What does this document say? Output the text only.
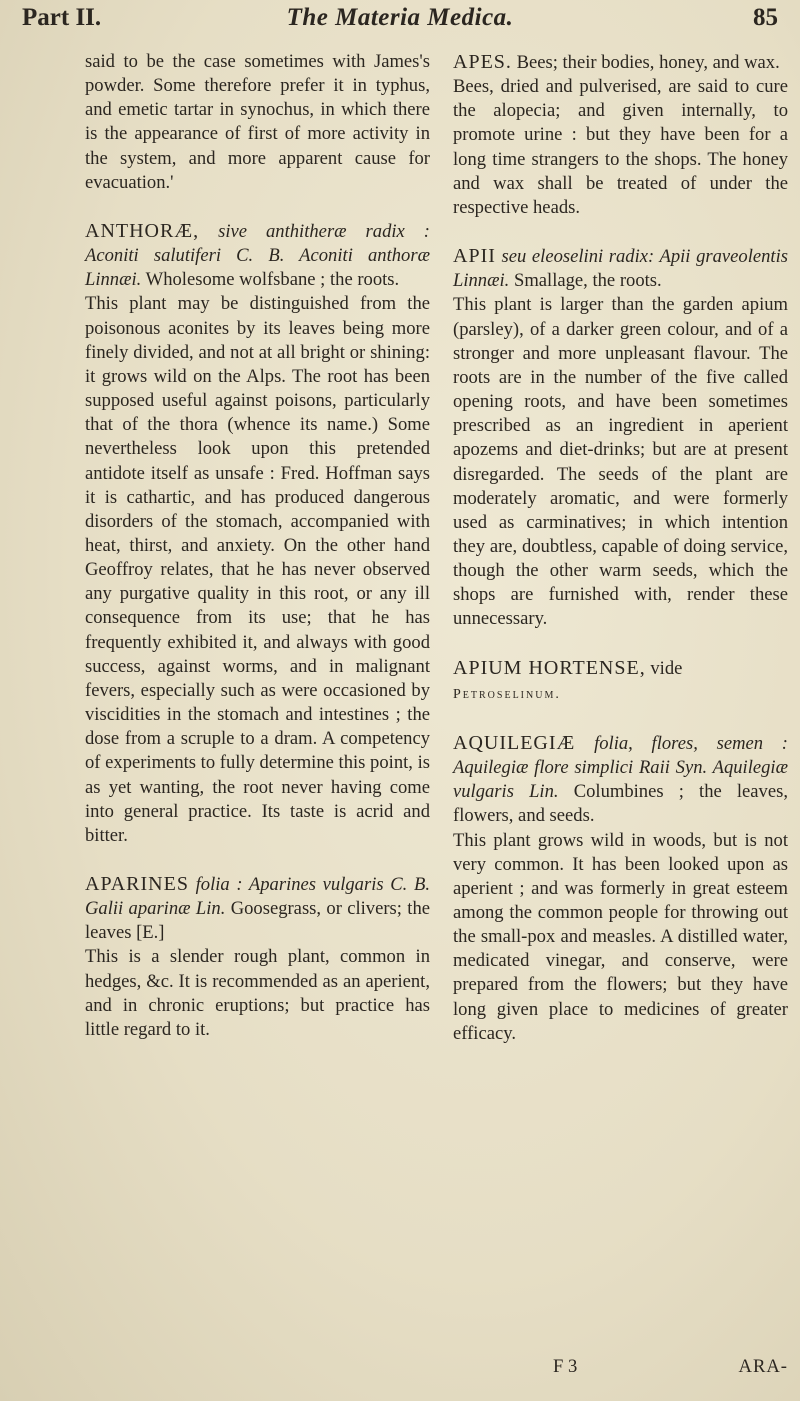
Part II.	The Materia Medica.	85

said to be the case sometimes with James's powder. Some therefore prefer it in typhus, and emetic tartar in synochus, in which there is the appearance of first of more activity in the system, and more apparent cause for evacuation.'

ANTHORÆ, sive anthitheræ radix : Aconiti salutiferi C. B. Aconiti anthoræ Linnæi. Wholesome wolfsbane ; the roots.

This plant may be distinguished from the poisonous aconites by its leaves being more finely divided, and not at all bright or shining: it grows wild on the Alps. The root has been supposed useful against poisons, particularly that of the thora (whence its name.) Some nevertheless look upon this pretended antidote itself as unsafe : Fred. Hoffman says it is cathartic, and has produced dangerous disorders of the stomach, accompanied with heat, thirst, and anxiety. On the other hand Geoffroy relates, that he has never observed any purgative quality in this root, or any ill consequence from its use; that he has frequently exhibited it, and always with good success, against worms, and in malignant fevers, especially such as were occasioned by viscidities in the stomach and intestines ; the dose from a scruple to a dram. A competency of experiments to fully determine this point, is as yet wanting, the root never having come into general practice. Its taste is acrid and bitter.

APARINES folia : Aparines vulgaris C. B. Galii aparinæ Lin. Goosegrass, or clivers; the leaves [E.]

This is a slender rough plant, common in hedges, &c. It is recommended as an aperient, and in chronic eruptions; but practice has little regard to it.

APES. Bees; their bodies, honey, and wax.

Bees, dried and pulverised, are said to cure the alopecia; and given internally, to promote urine : but they have been for a long time strangers to the shops. The honey and wax shall be treated of under the respective heads.

APII seu eleoselini radix: Apii graveolentis Linnæi. Smallage, the roots.

This plant is larger than the garden apium (parsley), of a darker green colour, and of a stronger and more unpleasant flavour. The roots are in the number of the five called opening roots, and have been sometimes prescribed as an ingredient in aperient apozems and diet-drinks; but are at present disregarded. The seeds of the plant are moderately aromatic, and were formerly used as carminatives; in which intention they are, doubtless, capable of doing service, though the other warm seeds, which the shops are furnished with, render these unnecessary.

APIUM HORTENSE, vide
Petroselinum.

AQUILEGIÆ folia, flores, semen : Aquilegiæ flore simplici Raii Syn. Aquilegiæ vulgaris Lin. Columbines ; the leaves, flowers, and seeds.

This plant grows wild in woods, but is not very common. It has been looked upon as aperient ; and was formerly in great esteem among the common people for throwing out the small-pox and measles. A distilled water, medicated vinegar, and conserve, were prepared from the flowers; but they have long given place to medicines of greater efficacy.

F 3	ARA-
